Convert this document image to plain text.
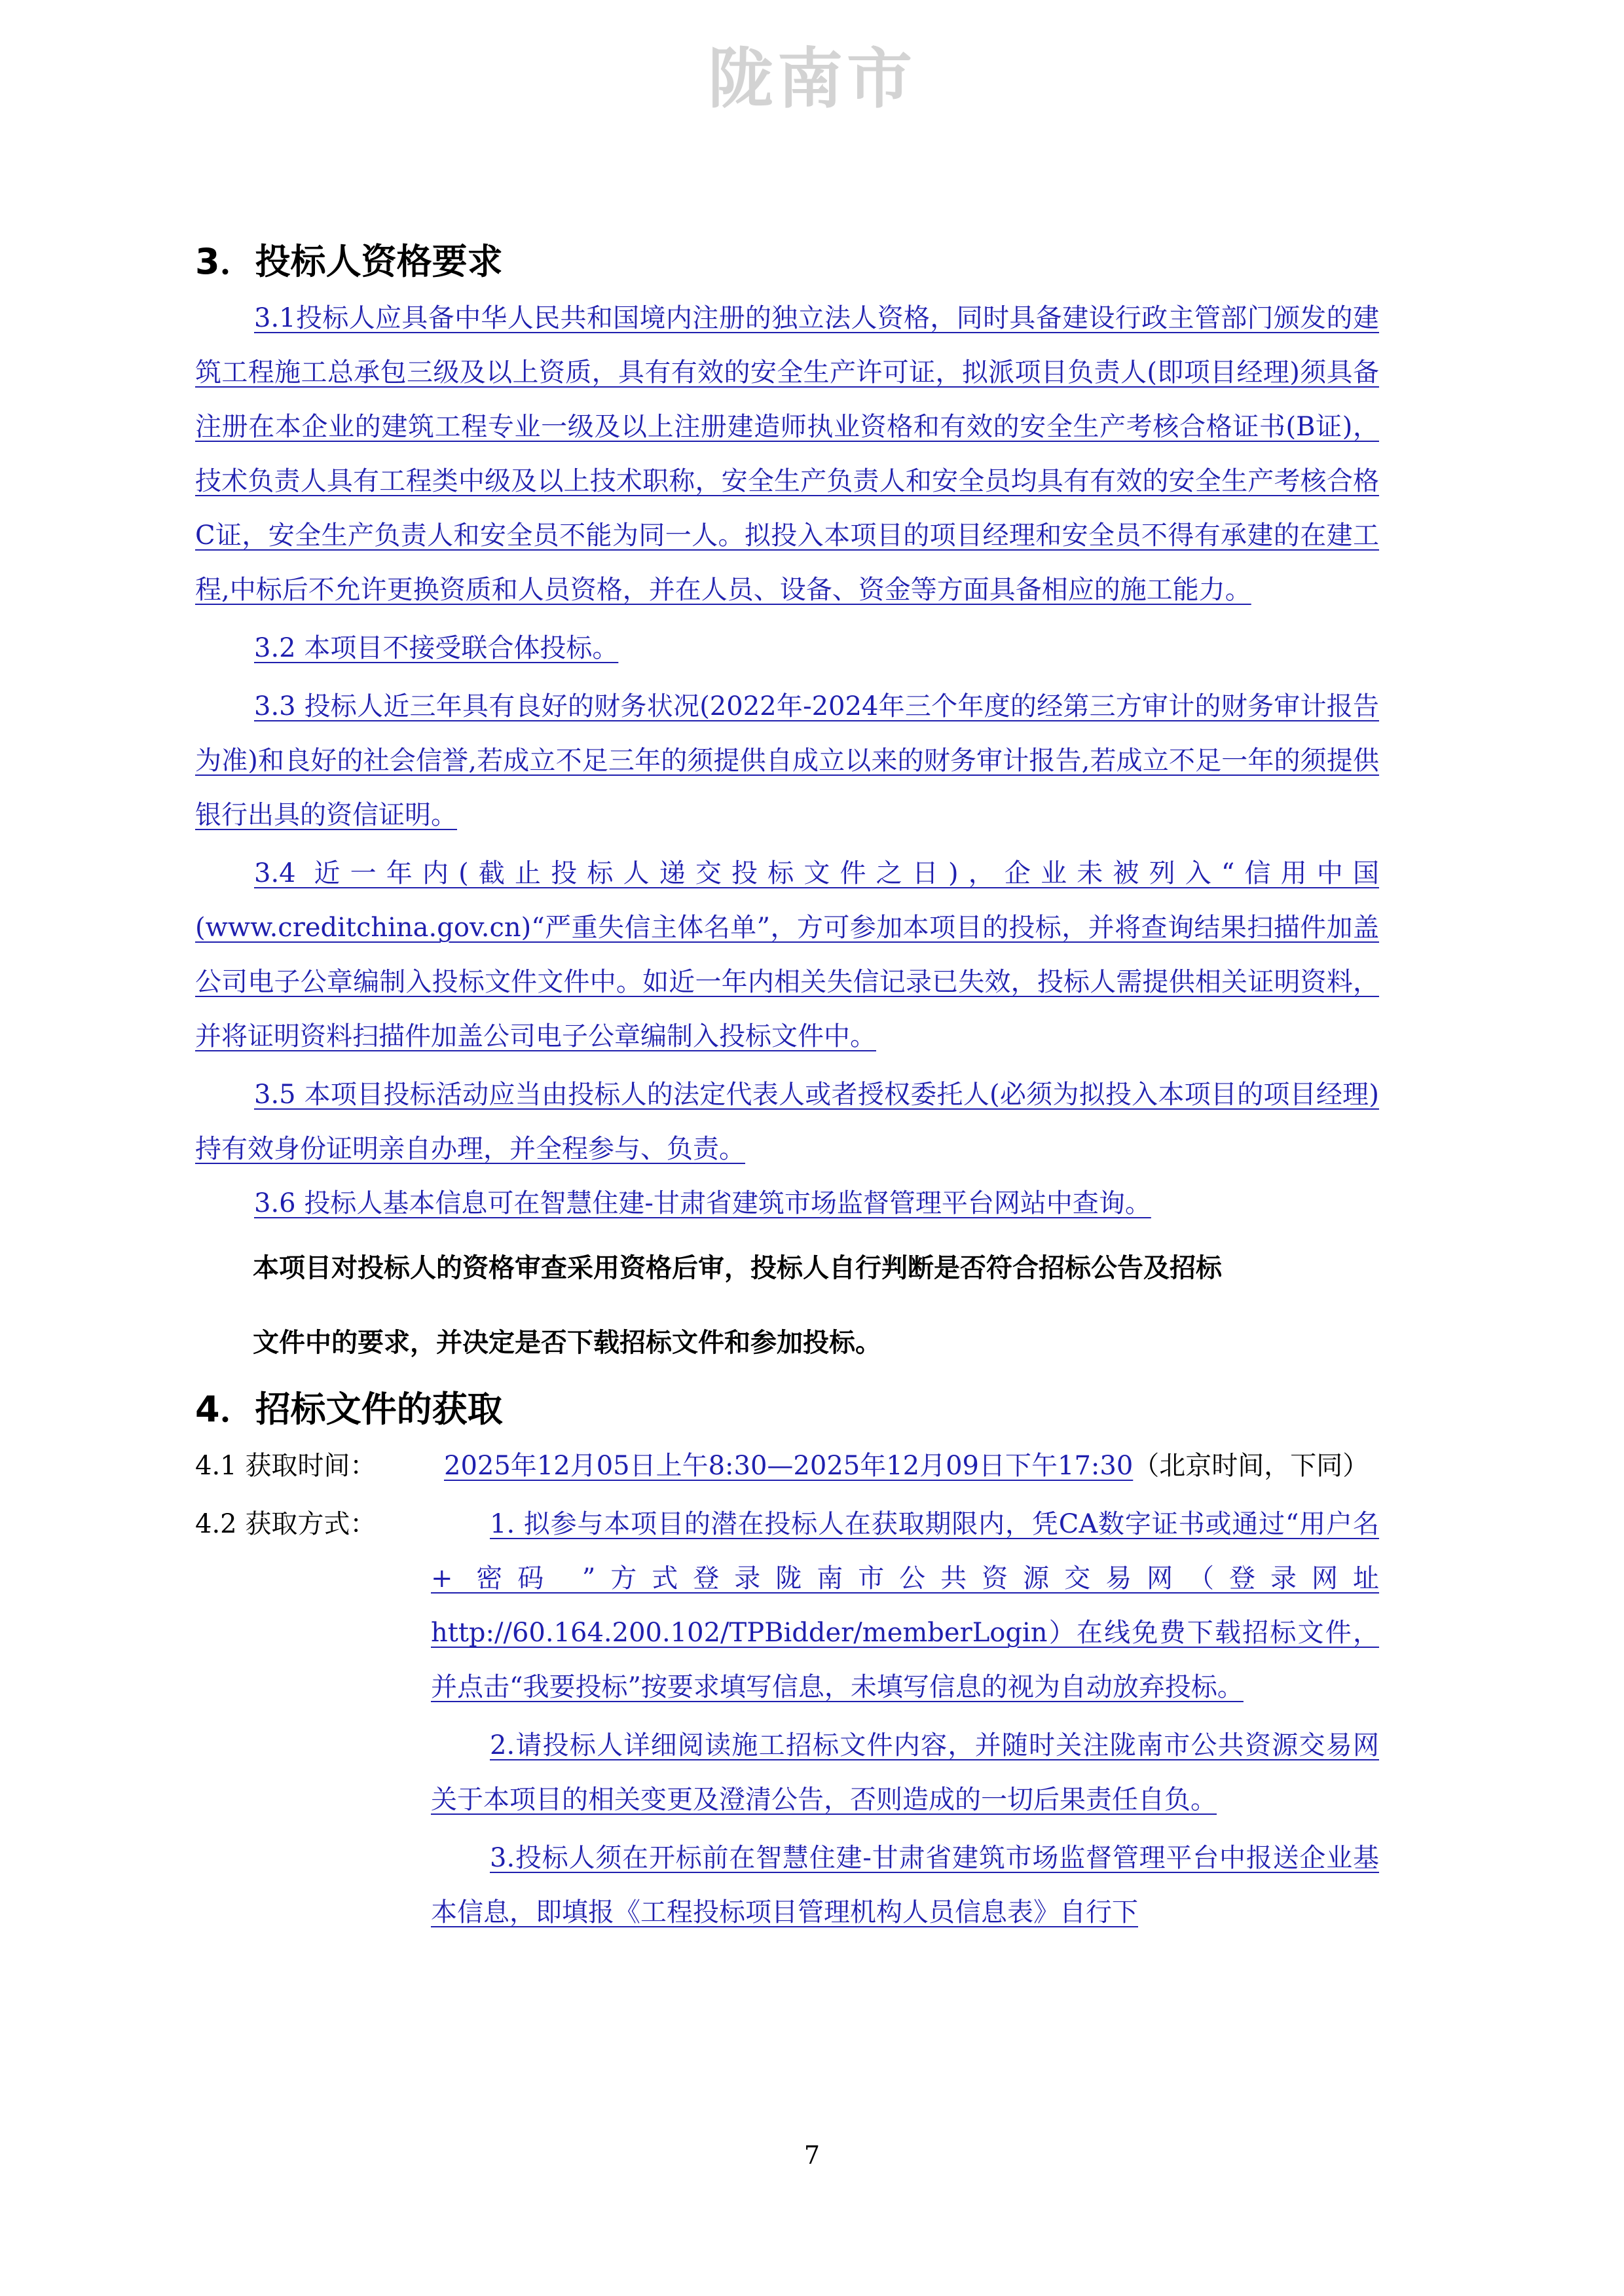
陇南市
3．投标人资格要求

3.1投标人应具备中华人民共和国境内注册的独立法人资格，同时具备建设行政主管部门颁发的建筑工程施工总承包三级及以上资质，具有有效的安全生产许可证，拟派项目负责人(即项目经理)须具备注册在本企业的建筑工程专业一级及以上注册建造师执业资格和有效的安全生产考核合格证书(B证)，技术负责人具有工程类中级及以上技术职称，安全生产负责人和安全员均具有有效的安全生产考核合格C证，安全生产负责人和安全员不能为同一人。拟投入本项目的项目经理和安全员不得有承建的在建工程,中标后不允许更换资质和人员资格，并在人员、设备、资金等方面具备相应的施工能力。

3.2 本项目不接受联合体投标。

3.3 投标人近三年具有良好的财务状况(2022年-2024年三个年度的经第三方审计的财务审计报告为准)和良好的社会信誉,若成立不足三年的须提供自成立以来的财务审计报告,若成立不足一年的须提供银行出具的资信证明。

3.4 近一年内(截止投标人递交投标文件之日)，企业未被列入“信用中国(www.creditchina.gov.cn)“严重失信主体名单”，方可参加本项目的投标，并将查询结果扫描件加盖公司电子公章编制入投标文件文件中。如近一年内相关失信记录已失效，投标人需提供相关证明资料，并将证明资料扫描件加盖公司电子公章编制入投标文件中。

3.5 本项目投标活动应当由投标人的法定代表人或者授权委托人(必须为拟投入本项目的项目经理)持有效身份证明亲自办理，并全程参与、负责。

3.6 投标人基本信息可在智慧住建-甘肃省建筑市场监督管理平台网站中查询。

本项目对投标人的资格审查采用资格后审，投标人自行判断是否符合招标公告及招标

文件中的要求，并决定是否下载招标文件和参加投标。

4．招标文件的获取
4.1 获取时间：	2025年12月05日上午8:30—2025年12月09日下午17:30（北京时间，下同）
4.2 获取方式：	1. 拟参与本项目的潜在投标人在获取期限内，凭CA数字证书或通过“用户名 + 密码 ”方式登录陇南市公共资源交易网（登录网址http://60.164.200.102/TPBidder/memberLogin）在线免费下载招标文件，并点击“我要投标”按要求填写信息，未填写信息的视为自动放弃投标。

2.请投标人详细阅读施工招标文件内容，并随时关注陇南市公共资源交易网关于本项目的相关变更及澄清公告，否则造成的一切后果责任自负。

3.投标人须在开标前在智慧住建-甘肃省建筑市场监督管理平台中报送企业基本信息，即填报《工程投标项目管理机构人员信息表》自行下

7
